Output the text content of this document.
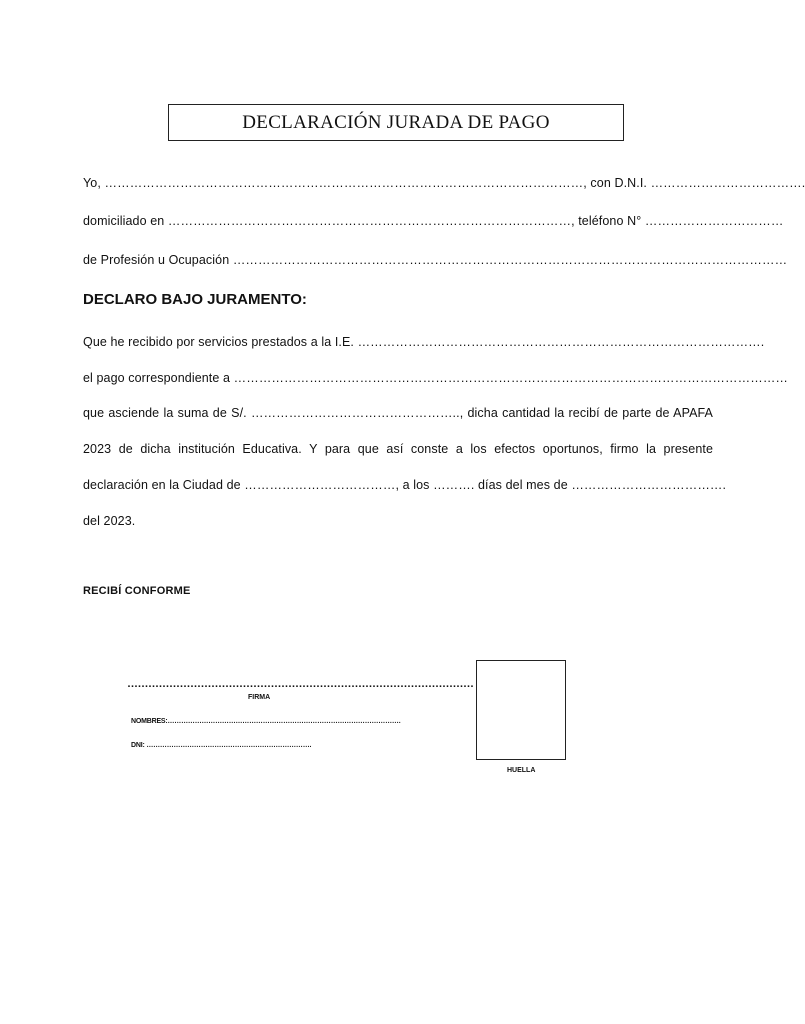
DECLARACIÓN JURADA DE PAGO
Yo, ……………………………………………………………………………………………………, con D.N.I. ……………………………….
domiciliado en ……………………………………………………………………………………, teléfono N° ……………………………
de Profesión u Ocupación ……………………………………………………………………………………………………………………
DECLARO BAJO JURAMENTO:
Que he recibido por servicios prestados a la I.E. …………………………………………………………………………………….
el pago correspondiente a ……………………………………………………………………………………………………………………
que asciende la suma de S/. ………………………………………….., dicha cantidad la recibí de parte de APAFA
2023 de dicha institución Educativa. Y para que así conste a los efectos oportunos, firmo la presente
declaración en la Ciudad de ………………………………, a los ………. días del mes de ……………………………….
del 2023.
RECIBÍ CONFORME
………………………………………………………………………………………
FIRMA
NOMBRES:………………………………………………………………………………………….
DNI: ……………………………………………………………….
HUELLA
